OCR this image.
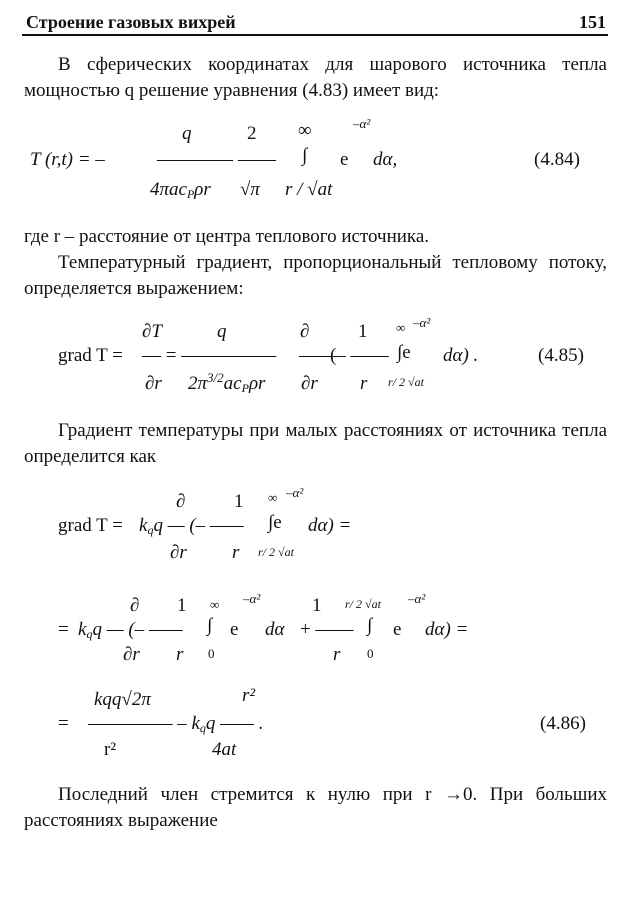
Строение газовых вихрей	151

В сферических координатах для шарового источника тепла мощностью q решение уравнения (4.83) имеет вид:

q	2 ∞	–α²
T (r,t) = –	———— —— ∫ e dα,	(4.84)
4πacPρr √π r / √at

где r – расстояние от центра теплового источника.

Температурный градиент, пропорциональный тепловому потоку, определяется выражением:

∂T	q	∂	1 ∞ –α²
grad T = — = ————— ——
(– —— ∫e dα) .	(4.85)
∂r $2\pi^{3/2}acP\rho r$ ∂r r r/ 2 √at

Градиент температуры при малых расстояниях от источника тепла определится как

∂	1 ∞ –α²
grad T = kqq — (– —— ∫e dα) =
∂r r r/ 2 √at
∂ 1 ∞ –α²	1 r/ 2 √at –α²
= kqq — (– —— ∫ e dα + —— ∫ e dα) =
∂r r 0	r 0
kqq√2π	r²
= ————— – kqq —— .	(4.86)
r²	4at

Последний член стремится к нулю при r →0. При больших расстояниях выражение
